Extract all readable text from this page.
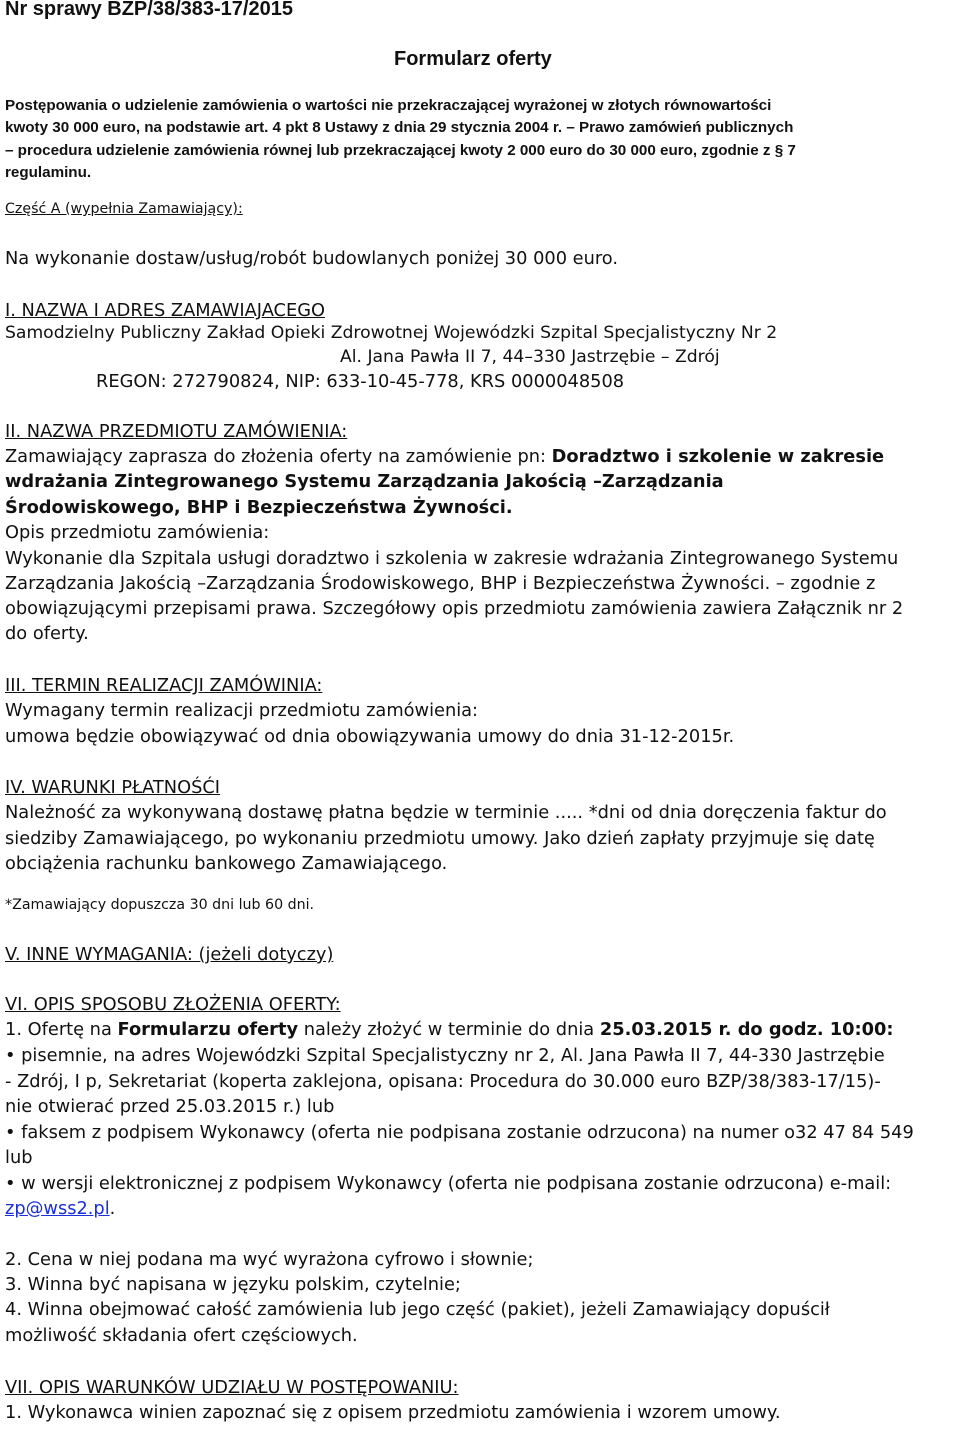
Nr sprawy BZP/38/383-17/2015
Formularz oferty
Postępowania o udzielenie zamówienia o wartości nie przekraczającej wyrażonej w złotych równowartości
kwoty 30 000 euro, na podstawie art. 4 pkt 8 Ustawy z dnia 29 stycznia 2004 r. – Prawo zamówień publicznych
– procedura udzielenie zamówienia równej lub przekraczającej kwoty 2 000 euro do 30 000 euro, zgodnie z § 7
regulaminu.
Część A (wypełnia Zamawiający):
Na wykonanie dostaw/usług/robót budowlanych poniżej 30 000 euro.
I. NAZWA I ADRES ZAMAWIAJACEGO
Samodzielny Publiczny Zakład Opieki Zdrowotnej Wojewódzki Szpital Specjalistyczny Nr 2
Al. Jana Pawła II 7, 44–330 Jastrzębie – Zdrój
REGON: 272790824, NIP: 633-10-45-778, KRS 0000048508
II. NAZWA PRZEDMIOTU ZAMÓWIENIA:
Zamawiający zaprasza do złożenia oferty na zamówienie pn: Doradztwo i szkolenie w zakresie
wdrażania Zintegrowanego Systemu Zarządzania Jakością –Zarządzania
Środowiskowego, BHP i Bezpieczeństwa Żywności.
Opis przedmiotu zamówienia:
Wykonanie dla Szpitala usługi doradztwo i szkolenia w zakresie wdrażania Zintegrowanego Systemu
Zarządzania Jakością –Zarządzania Środowiskowego, BHP i Bezpieczeństwa Żywności. – zgodnie z
obowiązującymi przepisami prawa. Szczegółowy opis przedmiotu zamówienia zawiera Załącznik nr 2
do oferty.
III. TERMIN REALIZACJI ZAMÓWINIA:
Wymagany termin realizacji przedmiotu zamówienia:
umowa będzie obowiązywać od dnia obowiązywania umowy do dnia 31-12-2015r.
IV. WARUNKI PŁATNOŚĆI
Należność za wykonywaną dostawę płatna będzie w terminie ..... *dni od dnia doręczenia faktur do
siedziby Zamawiającego, po wykonaniu przedmiotu umowy. Jako dzień zapłaty przyjmuje się datę
obciążenia rachunku bankowego Zamawiającego.
*Zamawiający dopuszcza 30 dni lub 60 dni.
V. INNE WYMAGANIA: (jeżeli dotyczy)
VI. OPIS SPOSOBU ZŁOŻENIA OFERTY:
1. Ofertę na Formularzu oferty należy złożyć w terminie do dnia 25.03.2015 r. do godz. 10:00:
• pisemnie, na adres Wojewódzki Szpital Specjalistyczny nr 2, Al. Jana Pawła II 7, 44-330 Jastrzębie
- Zdrój, I p, Sekretariat (koperta zaklejona, opisana: Procedura do 30.000 euro BZP/38/383-17/15)-
nie otwierać przed 25.03.2015 r.) lub
• faksem z podpisem Wykonawcy (oferta nie podpisana zostanie odrzucona) na numer o32 47 84 549
lub
• w wersji elektronicznej z podpisem Wykonawcy (oferta nie podpisana zostanie odrzucona) e-mail:
zp@wss2.pl.
2. Cena w niej podana ma wyć wyrażona cyfrowo i słownie;
3. Winna być napisana w języku polskim, czytelnie;
4. Winna obejmować całość zamówienia lub jego część (pakiet), jeżeli Zamawiający dopuścił
możliwość składania ofert częściowych.
VII. OPIS WARUNKÓW UDZIAŁU W POSTĘPOWANIU:
1. Wykonawca winien zapoznać się z opisem przedmiotu zamówienia i wzorem umowy.
